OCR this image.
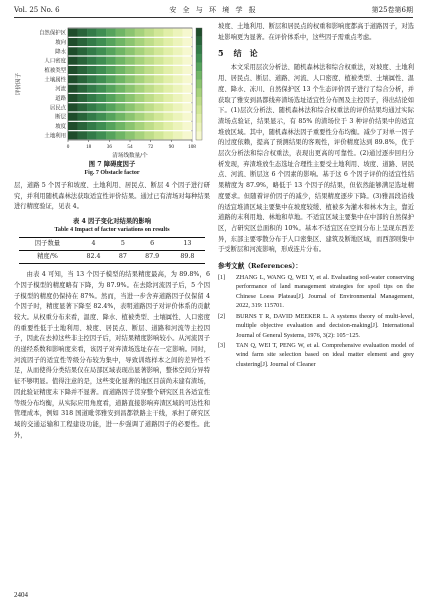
Vol. 25 No. 6	安 全 与 环 境 学 报	第25卷第6期
自然保护区
坡向
降水
人口密度
植被类型
土壤属性
河流
道路
居民点
断层
坡度
土地利用
0	18	36	54	72	90	108
清场线数量/个
评价因子
图 7 障碍度因子
Fig. 7 Obstacle factor

层，道路 5 个因子和坡度、土地利用、居民点、断层 4 个因子进行研究，并利用随机森林法获取适宜性评价结果。通过已有清场对每种结果进行精度验证，见表 4。

表 4 因子变化对结果的影响
Table 4 Impact of factor variations on results
因子数量	4	5	6	13
精度/%	82.4	87	87.9	89.8

由表 4 可知，当 13 个因子模型的结果精度最高，为 89.8%，6 个因子模型的精度略有下降，为 87.9%。在去除河流因子后，5 个因子模型的精度仍保持在 87%。然而，当进一步舍弃道路因子仅保留 4 个因子时，精度显著下降至 82.4%，表明道路因子对评价体系的贡献较大。从权重分布来看，温度、降水、植被类型、土壤属性、人口密度的重要性低于土地利用、坡度、居民点、断层、道路和河流等主控因子，因此在去掉这些非主控因子后，对结果精度影响较小。从河流因子的递经系数和影响度来看，该因子对弃渣场选址存在一定影响。同时，河流因子的适宜性等级分布较为集中，导致训练样本之间的差异性不足，从而使得分类结果仅在局部区域表现出显著影响，整体空间分异特征不够明显。值得注意的是，这些变化显著的地区目前尚未建有渣场，因此验证精度未下降并不显著。而道路因子贯穿整个研究区且各适宜性等级分布均衡，从实际应用角度看，道路直接影响弃渣区域的可达性和管理成本，例如 318 国道毗邻雅安到昌都铁路主干线，承担了研究区域的交通运输和工程建设功能，进一步强调了道路因子的必要性。此外，

坡度、土地利用、断层和居民点的权重和影响度都高于道路因子，对选址影响更为显著。在评价体系中，这些因子需重点考虑。

5 结　论

本文采用层次分析法、随机森林法和综合权重法，对坡度、土地利用、居民点、断层、道路、河流、人口密度、植被类型、土壤属性、温度、降水、冻川、自然保护区 13 个生态评价因子进行了综合分析，并获取了雅安到昌都线弃渣场选址适宜性分布图及主控因子，得出结论如下。(1)层次分析法、随机森林法和综合权重法的评价结果均通过实际渣场点验证，结果显示，有 85% 的渣场位于 3 种评价结果中的适宜堆放区域。其中，随机森林法因子重要性分布均衡。减少了对单一因子的过度依赖，提高了预测结果的客观性，评价精度达到 89.8%，优于层次分析法和综合权重法，表现出更高的可靠性。(2)通过逐步回归分析发现，弃渣堆放生态选址合理性主要受土地利用、坡度、道路、居民点、河流、断层这 6 个因素的影响。基于这 6 个因子评价的适宜性结果精度为 87.9%，略低于 13 个因子的结果，但依然能够满足选址精度要求。但随着评价因子的减少，结果精度逐步下降。(3)雅昌段沿线的适宜堆渣区域主要集中在坡度较缓、植被多为灌木和林木为主，靠近道路的末利用地、林地和草地。不适宜区域主要集中在中部的自然保护区，占研究区总面积的 10%。基本不适宜区在空间分布上呈现东西差异，东部主要零散分布于人口密集区、建筑及断地区域，而西部则集中于受断层和河流影响，形成连片分布。

参考文献（References）：
[1]	ZHANG L, WANG Q, WEI Y, et al. Evaluating soil-water conserving performance of land management strategies for spoil tips on the Chinese Loess Plateau[J]. Journal of Environmental Management, 2022, 319: 115701.
[2]	BURNS T R, DAVID MEEKER L. A systems theory of multi-level, multiple objective evaluation and decision-making[J]. International Journal of General Systems, 1976, 3(2): 105−125.
[3]	TAN Q, WEI T, PENG W, et al. Comprehensive evaluation model of wind farm site selection based on ideal matter element and grey clustering[J]. Journal of Cleaner
2404
